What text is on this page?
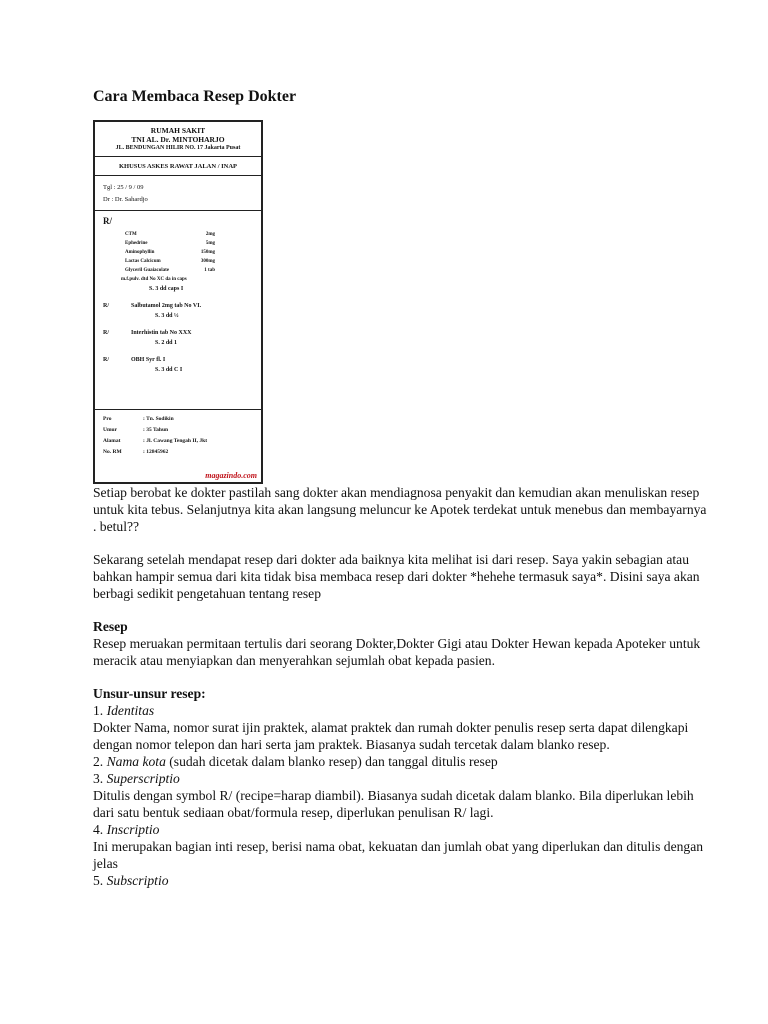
Cara Membaca Resep Dokter
RUMAH SAKIT
TNI AL. Dr. MINTOHARJO
JL. BENDUNGAN HILIR NO. 17 Jakarta Pusat
KHUSUS ASKES RAWAT JALAN / INAP
Tgl : 25 / 9 / 09
Dr : Dr. Sahardjo
R/
CTM	2mg
Ephedrine	5mg
Aminophyllin	150mg
Lactas Calcicum	300mg
Glyceril Guaiacolate	1 tab
m.f.pulv. dtd No XC da in caps
S. 3 dd caps I
R/	Salbutamol 2mg tab No VI.
S. 3 dd ½
R/	Interhistin tab No XXX
S. 2 dd 1
R/	OBH Syr fl. I
S. 3 dd C I
Pro	: Tn. Sodikin
Umur	: 35 Tahun
Alamat	: Jl. Cawang Tengah II, Jkt
No. RM	: 12845962
magazindo.com

Setiap berobat ke dokter pastilah sang dokter akan mendiagnosa penyakit dan kemudian akan menuliskan resep untuk kita tebus. Selanjutnya kita akan langsung meluncur ke Apotek terdekat untuk menebus dan membayarnya . betul??

Sekarang setelah mendapat resep dari dokter ada baiknya kita melihat isi dari resep. Saya yakin sebagian atau bahkan hampir semua dari kita tidak bisa membaca resep dari dokter *hehehe termasuk saya*. Disini saya akan berbagi sedikit pengetahuan tentang resep

Resep

Resep meruakan permitaan tertulis dari seorang Dokter,Dokter Gigi atau Dokter Hewan kepada Apoteker untuk meracik atau menyiapkan dan menyerahkan sejumlah obat kepada pasien.

Unsur-unsur resep:
1. Identitas
Dokter Nama, nomor surat ijin praktek, alamat praktek dan rumah dokter penulis resep serta dapat dilengkapi dengan nomor telepon dan hari serta jam praktek. Biasanya sudah tercetak dalam blanko resep.
2. Nama kota (sudah dicetak dalam blanko resep) dan tanggal ditulis resep
3. Superscriptio
Ditulis dengan symbol R/ (recipe=harap diambil). Biasanya sudah dicetak dalam blanko. Bila diperlukan lebih dari satu bentuk sediaan obat/formula resep, diperlukan penulisan R/ lagi.
4. Inscriptio
Ini merupakan bagian inti resep, berisi nama obat, kekuatan dan jumlah obat yang diperlukan dan ditulis dengan jelas
5. Subscriptio
